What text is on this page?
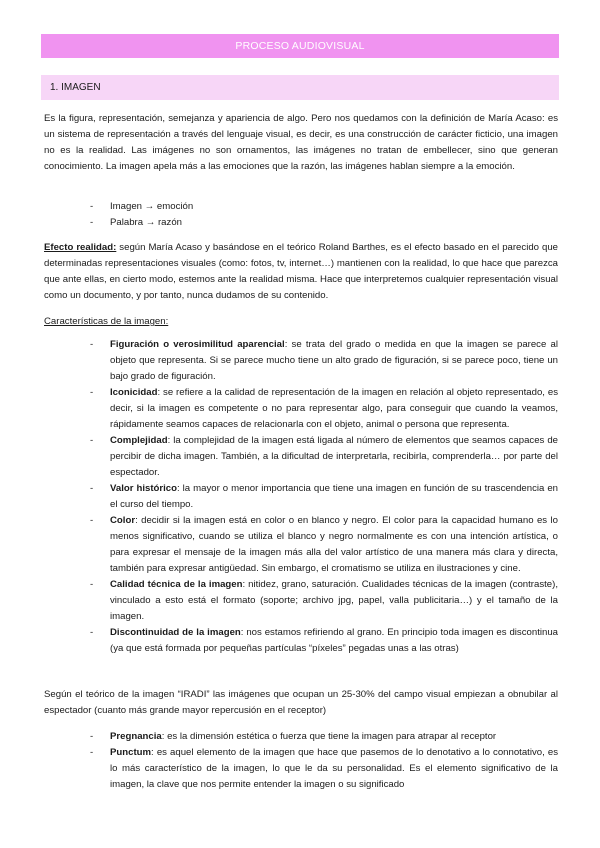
PROCESO AUDIOVISUAL
1. IMAGEN

Es la figura, representación, semejanza y apariencia de algo. Pero nos quedamos con la definición de María Acaso: es un sistema de representación a través del lenguaje visual, es decir, es una construcción de carácter ficticio, una imagen no es la realidad. Las imágenes no son ornamentos, las imágenes no tratan de embellecer, sino que generan conocimiento. La imagen apela más a las emociones que la razón, las imágenes hablan siempre a la emoción.

- Imagen → emoción
- Palabra → razón

Efecto realidad: según María Acaso y basándose en el teórico Roland Barthes, es el efecto basado en el parecido que determinadas representaciones visuales (como: fotos, tv, internet…) mantienen con la realidad, lo que hace que parezca que ante ellas, en cierto modo, estemos ante la realidad misma. Hace que interpretemos cualquier representación visual como un documento, y por tanto, nunca dudamos de su contenido.

Características de la imagen:

- Figuración o verosimilitud aparencial: se trata del grado o medida en que la imagen se parece al objeto que representa. Si se parece mucho tiene un alto grado de figuración, si se parece poco, tiene un bajo grado de figuración.
- Iconicidad: se refiere a la calidad de representación de la imagen en relación al objeto representado, es decir, si la imagen es competente o no para representar algo, para conseguir que cuando la veamos, rápidamente seamos capaces de relacionarla con el objeto, animal o persona que representa.
- Complejidad: la complejidad de la imagen está ligada al número de elementos que seamos capaces de percibir de dicha imagen. También, a la dificultad de interpretarla, recibirla, comprenderla… por parte del espectador.
- Valor histórico: la mayor o menor importancia que tiene una imagen en función de su trascendencia en el curso del tiempo.
- Color: decidir si la imagen está en color o en blanco y negro. El color para la capacidad humano es lo menos significativo, cuando se utiliza el blanco y negro normalmente es con una intención artística, o para expresar el mensaje de la imagen más alla del valor artístico de una manera más clara y directa, también para expresar antigüedad. Sin embargo, el cromatismo se utiliza en ilustraciones y cine.
- Calidad técnica de la imagen: nitidez, grano, saturación. Cualidades técnicas de la imagen (contraste), vinculado a esto está el formato (soporte; archivo jpg, papel, valla publicitaria…) y el tamaño de la imagen.
- Discontinuidad de la imagen: nos estamos refiriendo al grano. En principio toda imagen es discontinua (ya que está formada por pequeñas partículas “píxeles” pegadas unas a las otras)

Según el teórico de la imagen “IRADI” las imágenes que ocupan un 25-30% del campo visual empiezan a obnubilar al espectador (cuanto más grande mayor repercusión en el receptor)

- Pregnancia: es la dimensión estética o fuerza que tiene la imagen para atrapar al receptor
- Punctum: es aquel elemento de la imagen que hace que pasemos de lo denotativo a lo connotativo, es lo más característico de la imagen, lo que le da su personalidad. Es el elemento significativo de la imagen, la clave que nos permite entender la imagen o su significado
